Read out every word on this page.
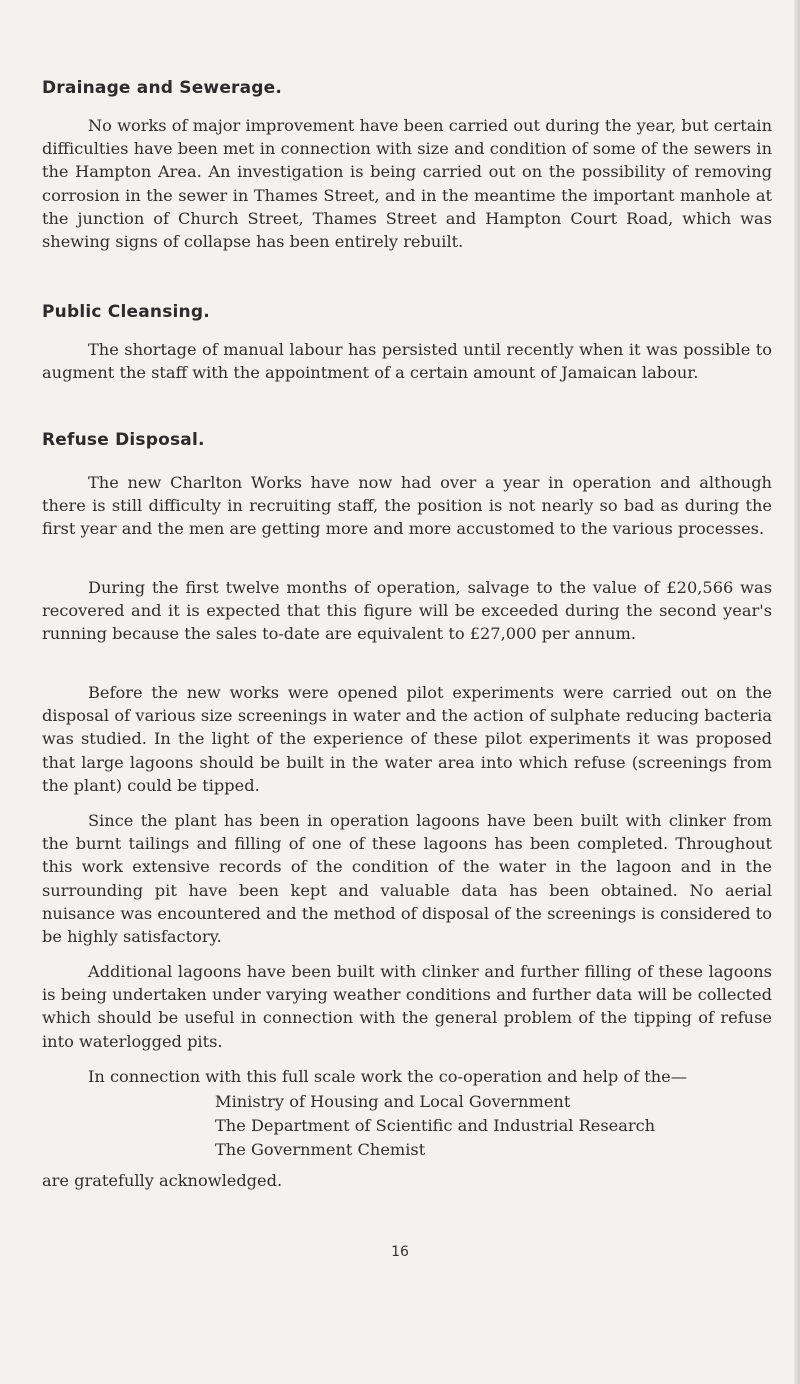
Drainage and Sewerage.

No works of major improvement have been carried out during the year, but certain difficulties have been met in connection with size and condition of some of the sewers in the Hampton Area. An investigation is being carried out on the possibility of removing corrosion in the sewer in Thames Street, and in the meantime the important manhole at the junction of Church Street, Thames Street and Hampton Court Road, which was shewing signs of collapse has been entirely rebuilt.

Public Cleansing.

The shortage of manual labour has persisted until recently when it was possible to augment the staff with the appointment of a certain amount of Jamaican labour.

Refuse Disposal.

The new Charlton Works have now had over a year in operation and although there is still difficulty in recruiting staff, the position is not nearly so bad as during the first year and the men are getting more and more accustomed to the various processes.

During the first twelve months of operation, salvage to the value of £20,566 was recovered and it is expected that this figure will be exceeded during the second year's running because the sales to-date are equivalent to £27,000 per annum.

Before the new works were opened pilot experiments were carried out on the disposal of various size screenings in water and the action of sulphate reducing bacteria was studied. In the light of the experience of these pilot experiments it was proposed that large lagoons should be built in the water area into which refuse (screenings from the plant) could be tipped.

Since the plant has been in operation lagoons have been built with clinker from the burnt tailings and filling of one of these lagoons has been completed. Throughout this work extensive records of the condition of the water in the lagoon and in the surrounding pit have been kept and valuable data has been obtained. No aerial nuisance was encountered and the method of disposal of the screenings is considered to be highly satisfactory.

Additional lagoons have been built with clinker and further filling of these lagoons is being undertaken under varying weather conditions and further data will be collected which should be useful in connection with the general problem of the tipping of refuse into waterlogged pits.

In connection with this full scale work the co-operation and help of the—

Ministry of Housing and Local Government

The Department of Scientific and Industrial Research

The Government Chemist

are gratefully acknowledged.

16
